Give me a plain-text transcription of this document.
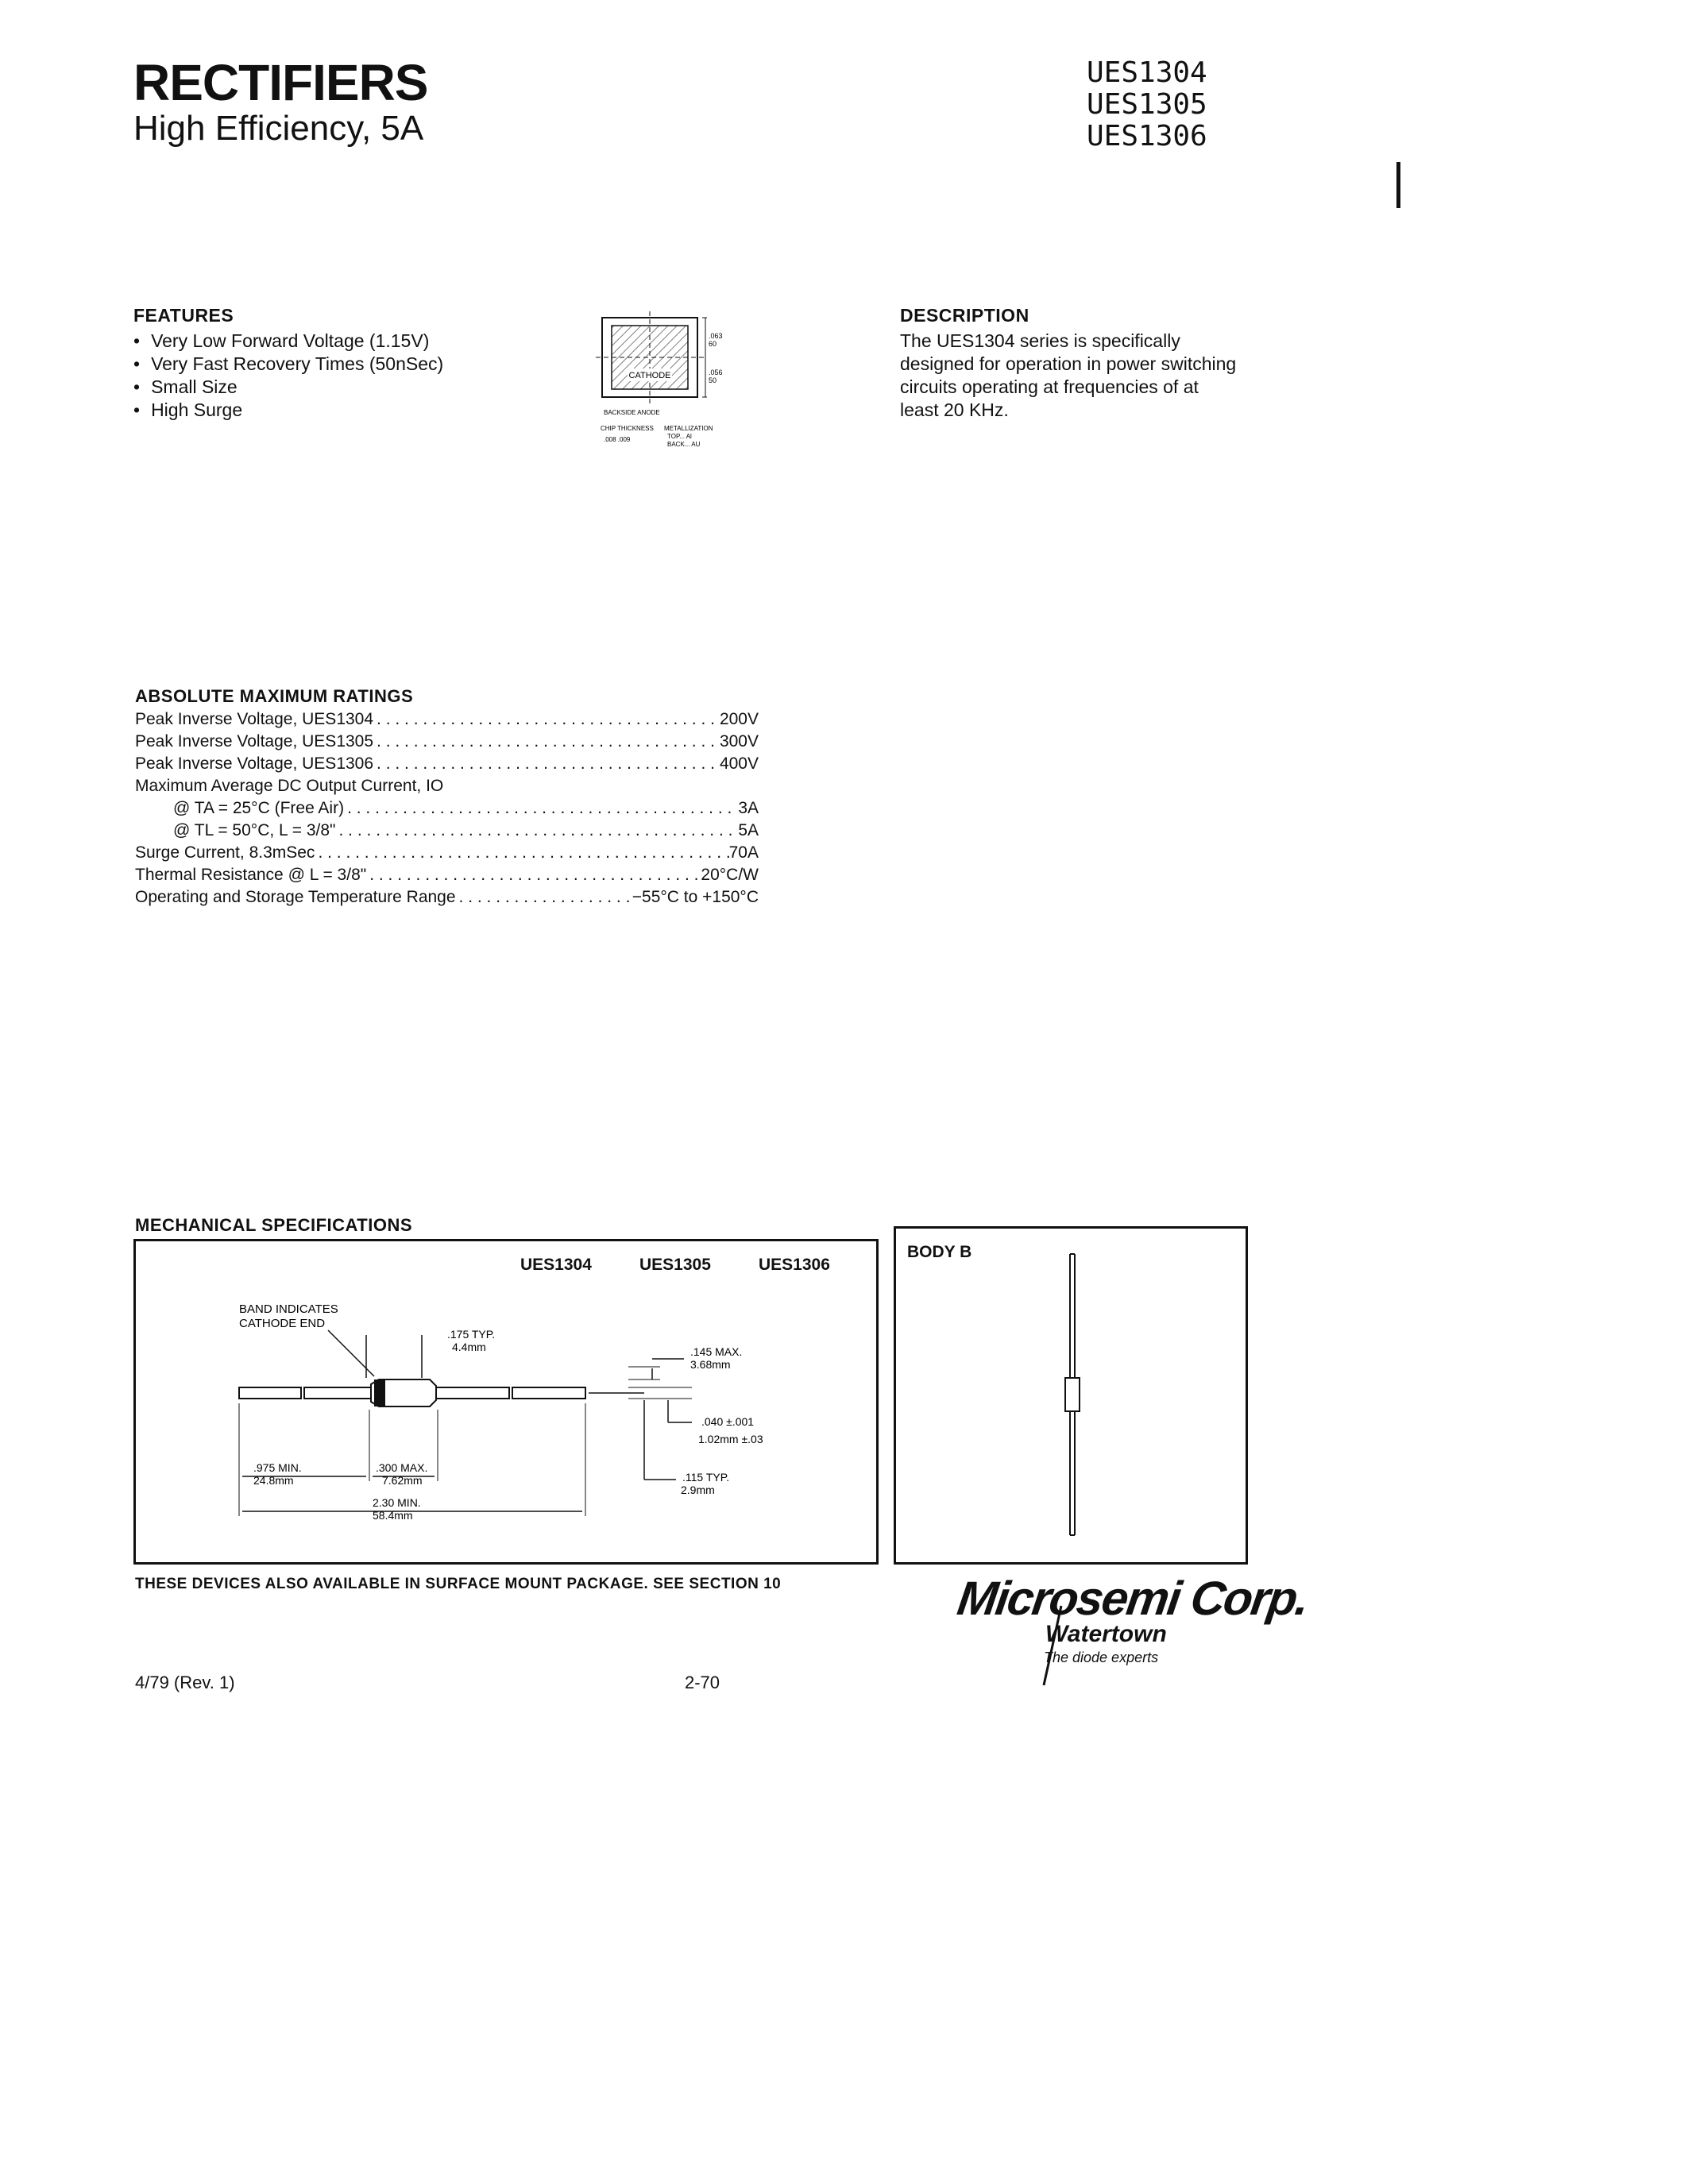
RECTIFIERS
High Efficiency, 5A
UES1304
UES1305
UES1306
FEATURES
• Very Low Forward Voltage (1.15V)
• Very Fast Recovery Times (50nSec)
• Small Size
• High Surge
CATHODE
.063
60
.056
50
BACKSIDE ANODE
CHIP THICKNESS
.008 .009
METALLIZATION
TOP... Al
BACK... AU
DESCRIPTION
The UES1304 series is specifically
designed for operation in power switching
circuits operating at frequencies of at
least 20 KHz.
ABSOLUTE MAXIMUM RATINGS
Peak Inverse Voltage, UES1304 . . .	200V
Peak Inverse Voltage, UES1305 . . .	300V
Peak Inverse Voltage, UES1306 . . .	400V
Maximum Average DC Output Current, IO
@ TA = 25°C (Free Air) . . .	3A
@ TL = 50°C, L = 3/8" . . .	5A
Surge Current, 8.3mSec . . .	70A
Thermal Resistance @ L = 3/8" . . .	20°C/W
Operating and Storage Temperature Range . . .	−55°C to +150°C
MECHANICAL SPECIFICATIONS
UES1304	UES1305	UES1306
BAND INDICATES
CATHODE END
.175 TYP.
4.4mm	.145 MAX.
3.68mm
.040 ±.001
1.02mm ±.03
.115 TYP.
2.9mm
.975 MIN.
24.8mm
.300 MAX.
7.62mm
2.30 MIN.
58.4mm
BODY B
THESE DEVICES ALSO AVAILABLE IN SURFACE MOUNT PACKAGE. SEE SECTION 10	Microsemi Corp.
Watertown
The diode experts
4/79 (Rev. 1)	2-70
